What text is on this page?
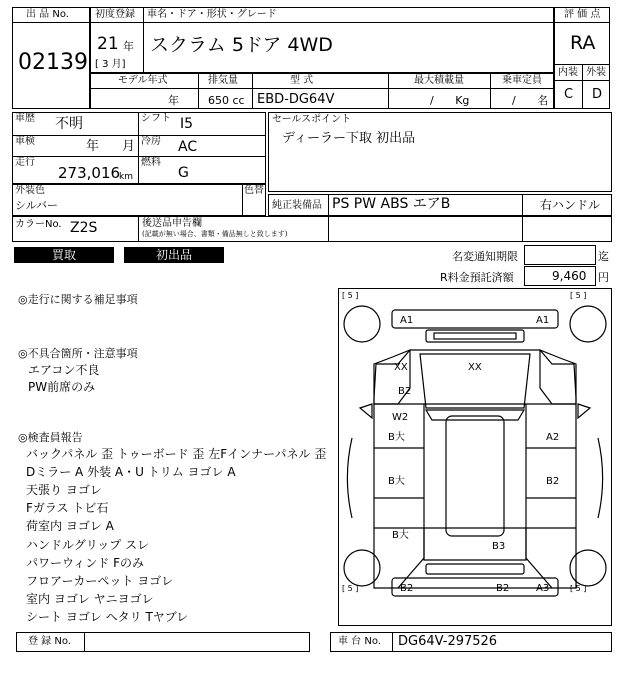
出 品 No.
02139
初度登録 車名・ドア・形状・グレード
21 年
[ 3 月]
スクラム 5ドア 4WD
評 価 点
RA
内装 外装
C D
モデル年式	排気量	型 式	最大積載量	乗車定員
年	650 cc EBD-DG64V	/ Kg	/ 名
車歴 不明	シフト I5
車検	年 月 冷房 AC
走行
273,016
km
燃料
G
セールスポイント
ディーラー下取 初出品
外装色
シルバー
色替
純正装備品 PS PW ABS エアB	右ハンドル
カラーNo. Z2S	後送品申告欄
(記載が無い場合、書類・備品無しと致します)
買取	初出品	名変通知期限	迄
R料金預託済額	9,460 円
◎走行に関する補足事項
◎不具合箇所・注意事項
エアコン不良
PW前席のみ
◎検査員報告
バックパネル 歪 トゥーボード 歪 左Fインナーパネル 歪
Dミラー A 外装 A・U トリム ヨゴレ A
天張り ヨゴレ
Fガラス トビ石
荷室内 ヨゴレ A
ハンドルグリップ スレ
パワーウィンド Fのみ
フロアーカーペット ヨゴレ
室内 ヨゴレ ヤニヨゴレ
シート ヨゴレ ヘタリ Tヤブレ
[ 5 ]	[ 5 ]
[ 5 ]	[ 5 ]
A1	A1
XX	XX
B2
W2
B大	A2
B大	B2
B大
B3
B2	B2	A3
登 録 No.	車 台 No. DG64V-297526
